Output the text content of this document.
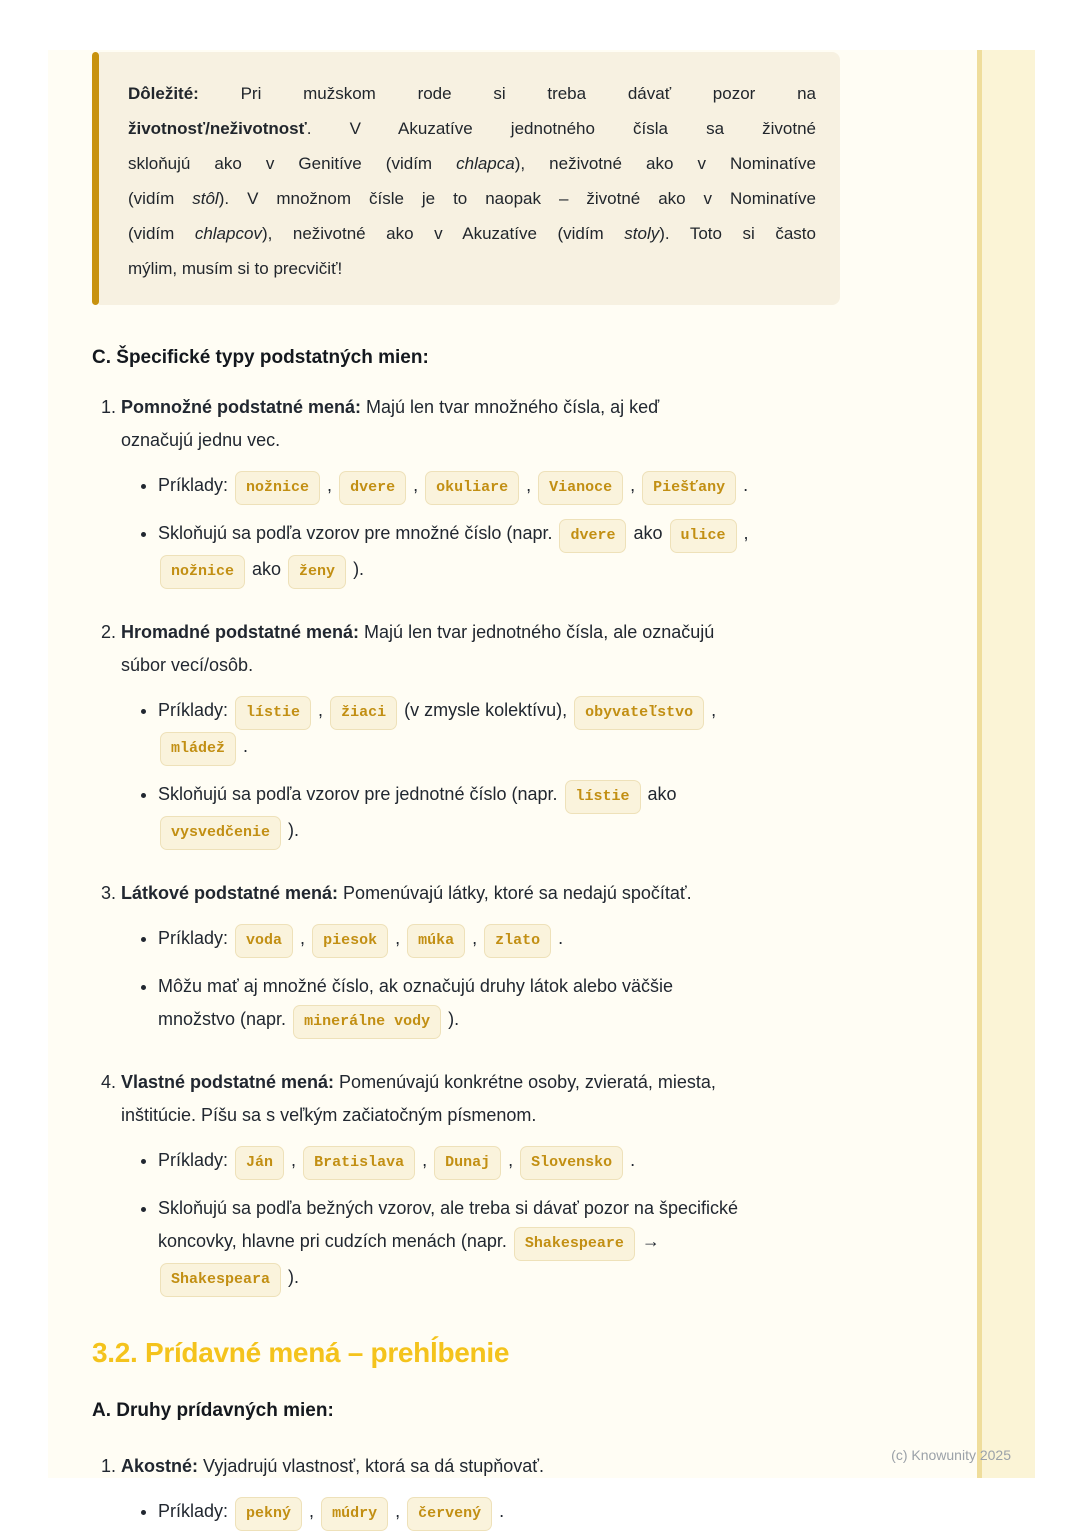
Dôležité: Pri mužskom rode si treba dávať pozor na
životnosť/neživotnosť. V Akuzatíve jednotného čísla sa životné
skloňujú ako v Genitíve (vidím chlapca), neživotné ako v Nominatíve
(vidím stôl). V množnom čísle je to naopak – životné ako v Nominatíve
(vidím chlapcov), neživotné ako v Akuzatíve (vidím stoly). Toto si často
mýlim, musím si to precvičiť!
C. Špecifické typy podstatných mien:

1. Pomnožné podstatné mená: Majú len tvar množného čísla, aj keď
označujú jednu vec.

• Príklady: nožnice , dvere , okuliare , Vianoce , Piešťany .
• Skloňujú sa podľa vzorov pre množné číslo (napr. dvere ako ulice ,
nožnice ako ženy ).

2. Hromadné podstatné mená: Majú len tvar jednotného čísla, ale označujú
súbor vecí/osôb.

• Príklady: lístie , žiaci (v zmysle kolektívu), obyvateľstvo ,
mládež .
• Skloňujú sa podľa vzorov pre jednotné číslo (napr. lístie ako
vysvedčenie ).

3. Látkové podstatné mená: Pomenúvajú látky, ktoré sa nedajú spočítať.

• Príklady: voda , piesok , múka , zlato .
• Môžu mať aj množné číslo, ak označujú druhy látok alebo väčšie
množstvo (napr. minerálne vody ).

4. Vlastné podstatné mená: Pomenúvajú konkrétne osoby, zvieratá, miesta,
inštitúcie. Píšu sa s veľkým začiatočným písmenom.

• Príklady: Ján , Bratislava , Dunaj , Slovensko .
• Skloňujú sa podľa bežných vzorov, ale treba si dávať pozor na špecifické
koncovky, hlavne pri cudzích menách (napr. Shakespeare →
Shakespeara ).
3.2. Prídavné mená – prehĺbenie
A. Druhy prídavných mien:

1. Akostné: Vyjadrujú vlastnosť, ktorá sa dá stupňovať.

• Príklady: pekný , múdry , červený .
(c) Knowunity 2025
